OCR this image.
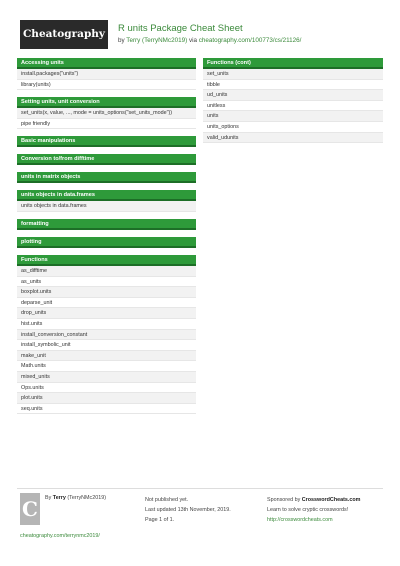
Cheatography	R units Package Cheat Sheet
by Terry (TerryNMc2019) via cheatography.com/100773/cs/21126/
Accessing units
install.packages("units")
library(units)
Setting units, unit conversion
set_units(x, value, ..., mode = units_options("set_units_mode"))
pipe friendly
Basic manipulations
Conversion to/from difftime
units in matrix objects
units objects in data.frames
units objects in data.frames
formatting
plotting
Functions
as_difftime
as_units
boxplot.units
deparse_unit
drop_units
hist.units
install_conversion_constant
install_symbolic_unit
make_unit
Math.units
mixed_units
Ops.units
plot.units
seq.units
Functions (cont)
set_units
tibble
ud_units
unitless
units
units_options
valid_udunits
C	By Terry (TerryNMc2019)	Not published yet.
Last updated 13th November, 2019.
Page 1 of 1.
Sponsored by CrosswordCheats.com
Learn to solve cryptic crosswords!
http://crosswordcheats.com
cheatography.com/terrynmc2019/
